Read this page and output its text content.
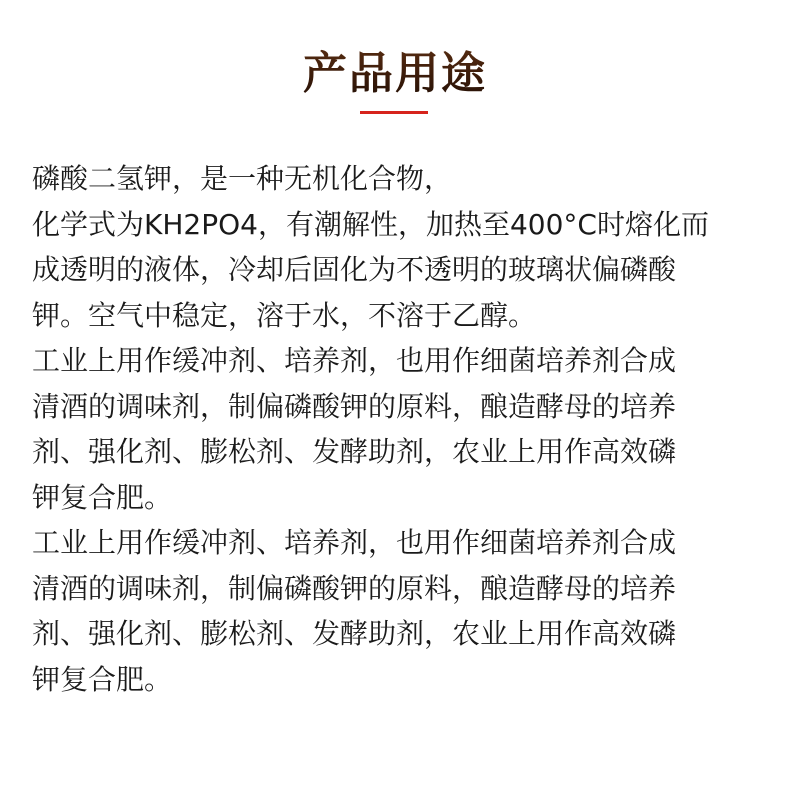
产品用途
磷酸二氢钾，是一种无机化合物，
化学式为KH2PO4，有潮解性，加热至400°C时熔化而
成透明的液体，冷却后固化为不透明的玻璃状偏磷酸
钾。空气中稳定，溶于水，不溶于乙醇。
工业上用作缓冲剂、培养剂，也用作细菌培养剂合成
清酒的调味剂，制偏磷酸钾的原料，酿造酵母的培养
剂、强化剂、膨松剂、发酵助剂，农业上用作高效磷
钾复合肥。
工业上用作缓冲剂、培养剂，也用作细菌培养剂合成
清酒的调味剂，制偏磷酸钾的原料，酿造酵母的培养
剂、强化剂、膨松剂、发酵助剂，农业上用作高效磷
钾复合肥。
